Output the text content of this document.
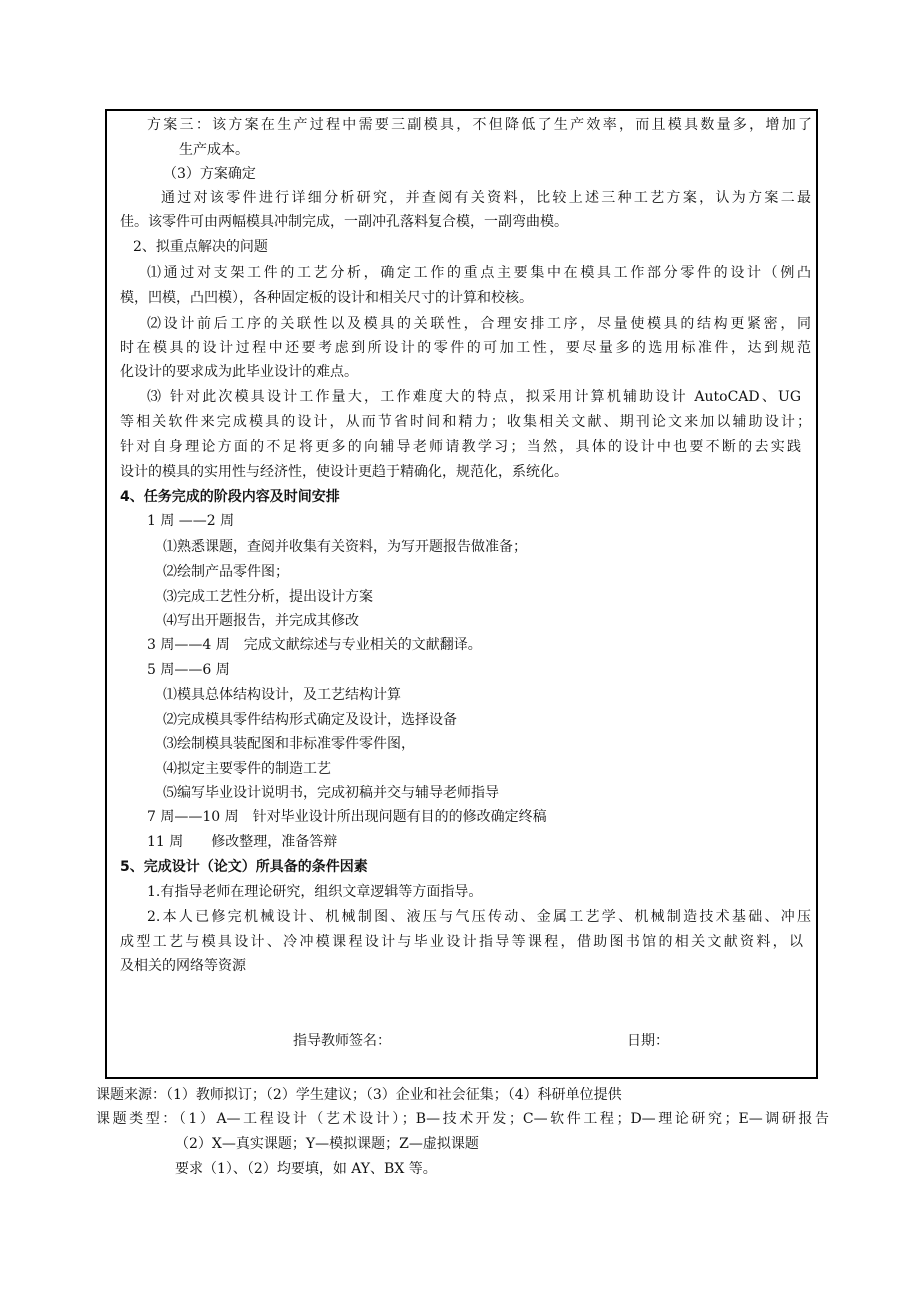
方案三：该方案在生产过程中需要三副模具，不但降低了生产效率，而且模具数量多，增加了
生产成本。
（3）方案确定
通过对该零件进行详细分析研究，并查阅有关资料，比较上述三种工艺方案，认为方案二最
佳。该零件可由两幅模具冲制完成，一副冲孔落料复合模，一副弯曲模。
2、拟重点解决的问题
⑴通过对支架工件的工艺分析，确定工作的重点主要集中在模具工作部分零件的设计（例凸
模，凹模，凸凹模），各种固定板的设计和相关尺寸的计算和校核。
⑵设计前后工序的关联性以及模具的关联性，合理安排工序，尽量使模具的结构更紧密，同
时在模具的设计过程中还要考虑到所设计的零件的可加工性，要尽量多的选用标准件，达到规范
化设计的要求成为此毕业设计的难点。
⑶ 针对此次模具设计工作量大，工作难度大的特点，拟采用计算机辅助设计 AutoCAD、UG
等相关软件来完成模具的设计，从而节省时间和精力；收集相关文献、期刊论文来加以辅助设计；
针对自身理论方面的不足将更多的向辅导老师请教学习；当然，具体的设计中也要不断的去实践
设计的模具的实用性与经济性，使设计更趋于精确化，规范化，系统化。
4、任务完成的阶段内容及时间安排
1 周 ——2 周
⑴熟悉课题，查阅并收集有关资料，为写开题报告做准备；
⑵绘制产品零件图；
⑶完成工艺性分析，提出设计方案
⑷写出开题报告，并完成其修改
3 周——4 周　完成文献综述与专业相关的文献翻译。
5 周——6 周
⑴模具总体结构设计，及工艺结构计算
⑵完成模具零件结构形式确定及设计，选择设备
⑶绘制模具装配图和非标准零件零件图，
⑷拟定主要零件的制造工艺
⑸编写毕业设计说明书，完成初稿并交与辅导老师指导
7 周——10 周　针对毕业设计所出现问题有目的的修改确定终稿
11 周　　修改整理，准备答辩
5、完成设计（论文）所具备的条件因素
1.有指导老师在理论研究，组织文章逻辑等方面指导。
2.本人已修完机械设计、机械制图、液压与气压传动、金属工艺学、机械制造技术基础、冲压
成型工艺与模具设计、冷冲模课程设计与毕业设计指导等课程，借助图书馆的相关文献资料，以
及相关的网络等资源
指导教师签名：	日期：
课题来源：（1）教师拟订；（2）学生建议；（3）企业和社会征集；（4）科研单位提供
课题类型：（1）A—工程设计（艺术设计）；B—技术开发；C—软件工程；D—理论研究；E—调研报告
（2）X—真实课题；Y—模拟课题；Z—虚拟课题
要求（1）、（2）均要填，如 AY、BX 等。
